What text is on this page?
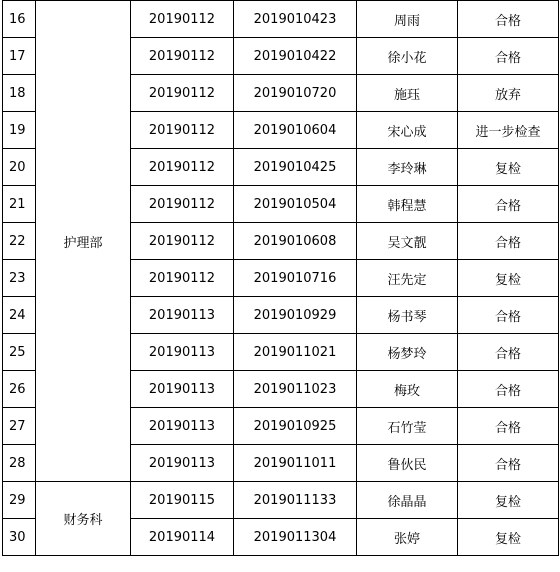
16	护理部	20190112	2019010423	周雨	合格
17		20190112	2019010422	徐小花	合格
18		20190112	2019010720	施珏	放弃
19		20190112	2019010604	宋心成	进一步检查
20		20190112	2019010425	李玲琳	复检
21		20190112	2019010504	韩程慧	合格
22		20190112	2019010608	吴文靓	合格
23		20190112	2019010716	汪先定	复检
24		20190113	2019010929	杨书琴	合格
25		20190113	2019011021	杨梦玲	合格
26		20190113	2019011023	梅玫	合格
27		20190113	2019010925	石竹莹	合格
28		20190113	2019011011	鲁伙民	合格
29	财务科	20190115	2019011133	徐晶晶	复检
30		20190114	2019011304	张婷	复检
